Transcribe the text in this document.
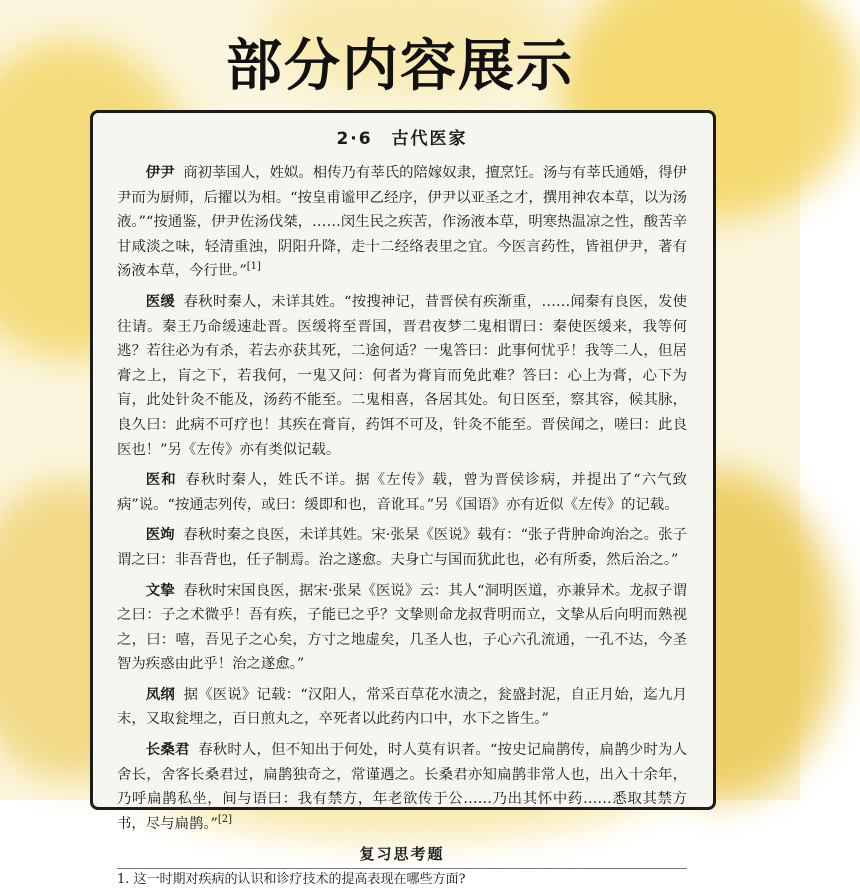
部分内容展示
2·6　古代医家

伊尹 商初莘国人，姓姒。相传乃有莘氏的陪嫁奴隶，擅烹饪。汤与有莘氏通婚，得伊尹而为厨师，后擢以为相。“按皇甫谧甲乙经序，伊尹以亚圣之才，撰用神农本草，以为汤液。”“按通鉴，伊尹佐汤伐桀，……闵生民之疾苦，作汤液本草，明寒热温凉之性，酸苦辛甘咸淡之味，轻清重浊，阴阳升降，走十二经络表里之宜。今医言药性，皆祖伊尹，著有汤液本草，今行世。”[1]

医缓 春秋时秦人，未详其姓。“按搜神记，昔晋侯有疾渐重，……闻秦有良医，发使往请。秦王乃命缓速赴晋。医缓将至晋国，晋君夜梦二鬼相谓曰：秦使医缓来，我等何逃？若往必为有杀，若去亦获其死，二途何适？一鬼答曰：此事何忧乎！我等二人，但居膏之上，肓之下，若我何，一鬼又问：何者为膏肓而免此难？答曰：心上为膏，心下为肓，此处针灸不能及，汤药不能至。二鬼相喜，各居其处。旬日医至，察其容，候其脉，良久曰：此病不可疗也！其疾在膏肓，药饵不可及，针灸不能至。晋侯闻之，嗟曰：此良医也！”另《左传》亦有类似记载。

医和 春秋时秦人，姓氏不详。据《左传》载，曾为晋侯诊病，并提出了“六气致病”说。“按通志列传，或曰：缓即和也，音讹耳。”另《国语》亦有近似《左传》的记载。

医竘 春秋时秦之良医，未详其姓。宋·张杲《医说》载有：“张子背肿命竘治之。张子谓之曰：非吾背也，任子制焉。治之遂愈。夫身亡与国而犹此也，必有所委，然后治之。”

文挚 春秋时宋国良医，据宋·张杲《医说》云：其人“洞明医道，亦兼异术。龙叔子谓之曰：子之术微乎！吾有疾，子能已之乎？文挚则命龙叔背明而立，文挚从后向明而熟视之，曰：嘻，吾见子之心矣，方寸之地虚矣，几圣人也，子心六孔流通，一孔不达，今圣智为疾惑由此乎！治之遂愈。”

凤纲 据《医说》记载：“汉阳人，常采百草花水渍之，瓮盛封泥，自正月始，迄九月末，又取瓮埋之，百日煎丸之，卒死者以此药内口中，水下之皆生。”

长桑君 春秋时人，但不知出于何处，时人莫有识者。“按史记扁鹊传，扁鹊少时为人舍长，舍客长桑君过，扁鹊独奇之，常谨遇之。长桑君亦知扁鹊非常人也，出入十余年，乃呼扁鹊私坐，间与语曰：我有禁方，年老欲传于公……乃出其怀中药……悉取其禁方书，尽与扁鹊。”[2]

复习思考题
1. 这一时期对疾病的认识和诊疗技术的提高表现在哪些方面?
